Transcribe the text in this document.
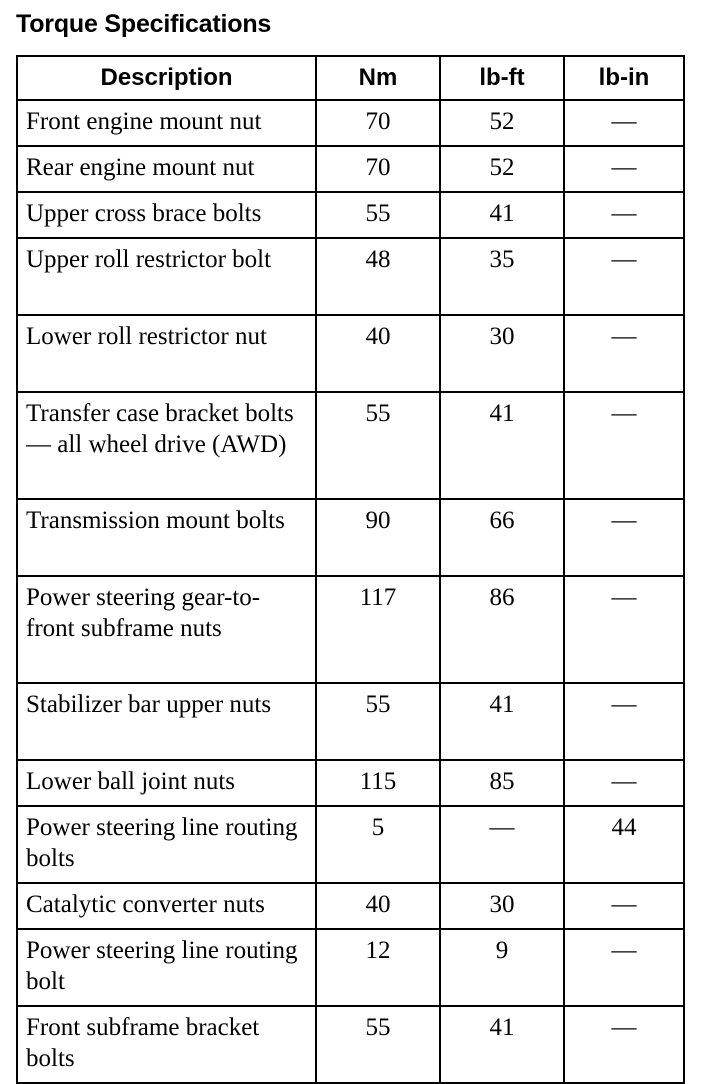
Torque Specifications
Description	Nm	lb-ft	lb-in
Front engine mount nut	70	52	—
Rear engine mount nut	70	52	—
Upper cross brace bolts	55	41	—
Upper roll restrictor bolt	48	35	—
Lower roll restrictor nut	40	30	—
Transfer case bracket bolts — all wheel drive (AWD)	55	41	—
Transmission mount bolts	90	66	—
Power steering gear-to-front subframe nuts	117	86	—
Stabilizer bar upper nuts	55	41	—
Lower ball joint nuts	115	85	—
Power steering line routing bolts	5	—	44
Catalytic converter nuts	40	30	—
Power steering line routing bolt	12	9	—
Front subframe bracket bolts	55	41	—
